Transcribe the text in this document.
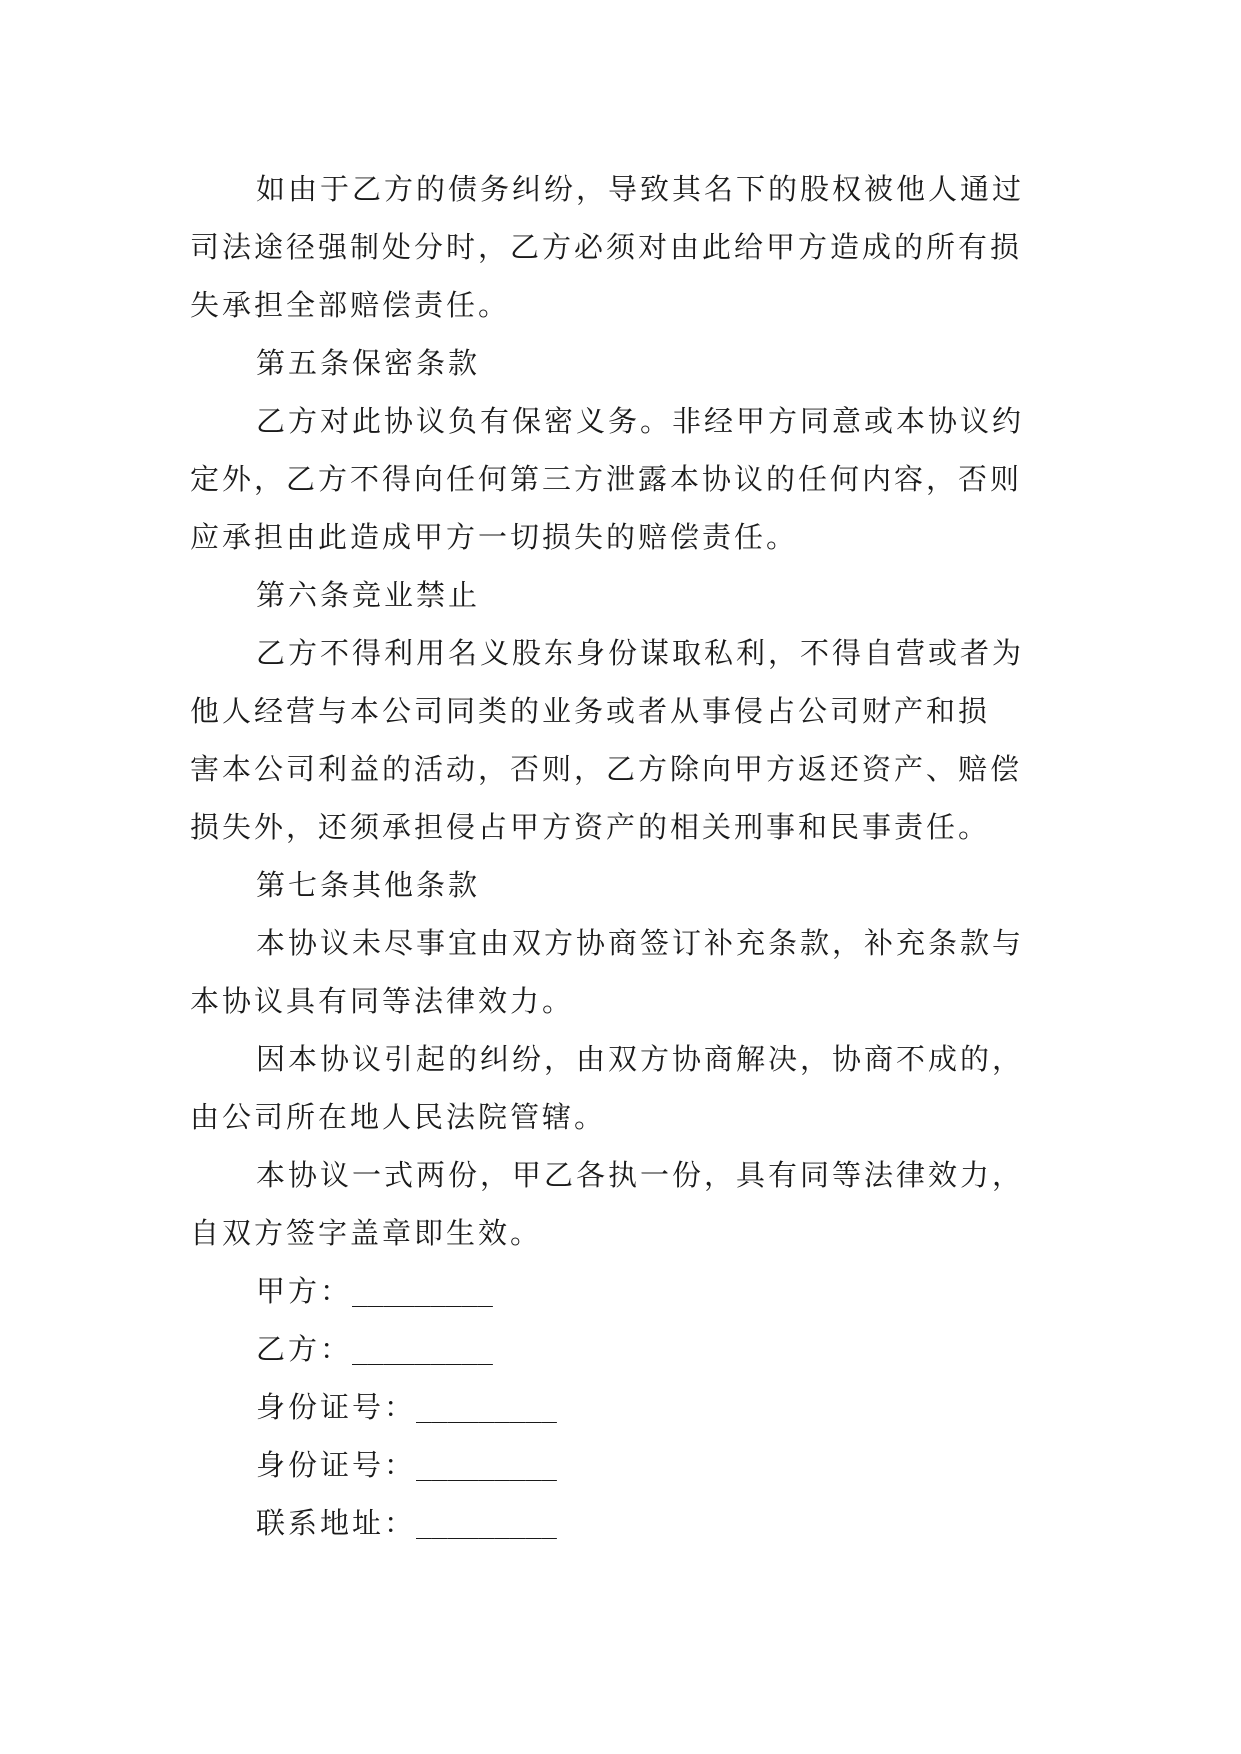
如由于乙方的债务纠纷，导致其名下的股权被他人通过
司法途径强制处分时，乙方必须对由此给甲方造成的所有损
失承担全部赔偿责任。
第五条保密条款
乙方对此协议负有保密义务。非经甲方同意或本协议约
定外，乙方不得向任何第三方泄露本协议的任何内容，否则
应承担由此造成甲方一切损失的赔偿责任。
第六条竞业禁止
乙方不得利用名义股东身份谋取私利，不得自营或者为
他人经营与本公司同类的业务或者从事侵占公司财产和损
害本公司利益的活动，否则，乙方除向甲方返还资产、赔偿
损失外，还须承担侵占甲方资产的相关刑事和民事责任。
第七条其他条款
本协议未尽事宜由双方协商签订补充条款，补充条款与
本协议具有同等法律效力。
因本协议引起的纠纷，由双方协商解决，协商不成的，
由公司所在地人民法院管辖。
本协议一式两份，甲乙各执一份，具有同等法律效力，
自双方签字盖章即生效。
甲方：_________
乙方：_________
身份证号：_________
身份证号：_________
联系地址：_________
